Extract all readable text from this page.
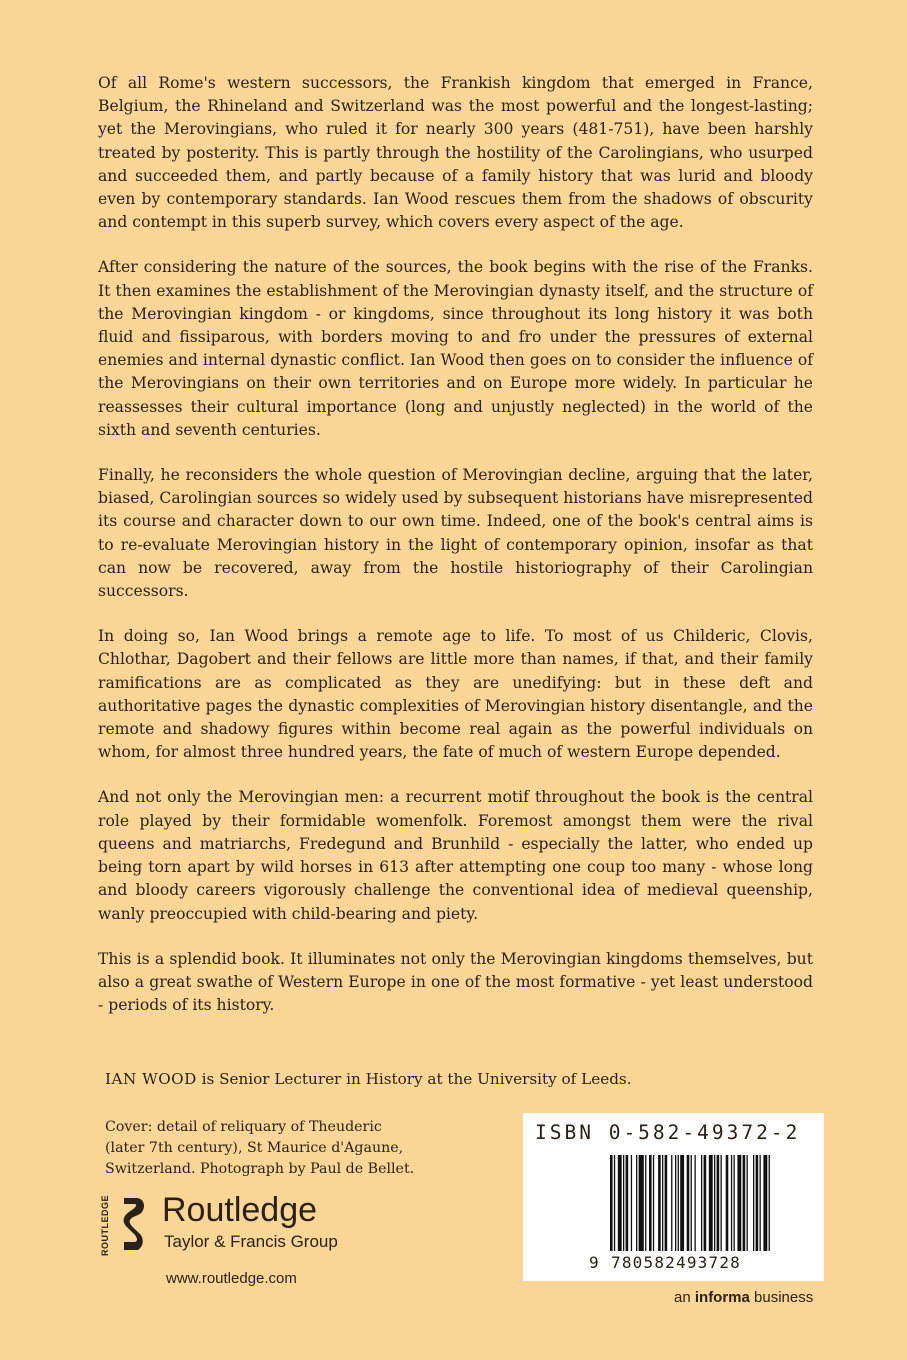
Of all Rome's western successors, the Frankish kingdom that emerged in France, Belgium, the Rhineland and Switzerland was the most powerful and the longest-lasting; yet the Merovingians, who ruled it for nearly 300 years (481-751), have been harshly treated by posterity. This is partly through the hostility of the Carolingians, who usurped and succeeded them, and partly because of a family history that was lurid and bloody even by contemporary standards. Ian Wood rescues them from the shadows of obscurity and contempt in this superb survey, which covers every aspect of the age.

After considering the nature of the sources, the book begins with the rise of the Franks. It then examines the establishment of the Merovingian dynasty itself, and the structure of the Merovingian kingdom - or kingdoms, since throughout its long history it was both fluid and fissiparous, with borders moving to and fro under the pressures of external enemies and internal dynastic conflict. Ian Wood then goes on to consider the influence of the Merovingians on their own territories and on Europe more widely. In particular he reassesses their cultural importance (long and unjustly neglected) in the world of the sixth and seventh centuries.

Finally, he reconsiders the whole question of Merovingian decline, arguing that the later, biased, Carolingian sources so widely used by subsequent historians have misrepresented its course and character down to our own time. Indeed, one of the book's central aims is to re-evaluate Merovingian history in the light of contemporary opinion, insofar as that can now be recovered, away from the hostile historiography of their Carolingian successors.

In doing so, Ian Wood brings a remote age to life. To most of us Childeric, Clovis, Chlothar, Dagobert and their fellows are little more than names, if that, and their family ramifications are as complicated as they are unedifying: but in these deft and authoritative pages the dynastic complexities of Merovingian history disentangle, and the remote and shadowy figures within become real again as the powerful individuals on whom, for almost three hundred years, the fate of much of western Europe depended.

And not only the Merovingian men: a recurrent motif throughout the book is the central role played by their formidable womenfolk. Foremost amongst them were the rival queens and matriarchs, Fredegund and Brunhild - especially the latter, who ended up being torn apart by wild horses in 613 after attempting one coup too many - whose long and bloody careers vigorously challenge the conventional idea of medieval queenship, wanly preoccupied with child-bearing and piety.

This is a splendid book. It illuminates not only the Merovingian kingdoms themselves, but also a great swathe of Western Europe in one of the most formative - yet least understood - periods of its history.

IAN WOOD is Senior Lecturer in History at the University of Leeds.
Cover: detail of reliquary of Theuderic
(later 7th century), St Maurice d'Agaune,
Switzerland. Photograph by Paul de Bellet.
ROUTLEDGE	Routledge
Taylor & Francis Group
www.routledge.com
ISBN 0-582-49372-2
9 780582493728
an informa business
